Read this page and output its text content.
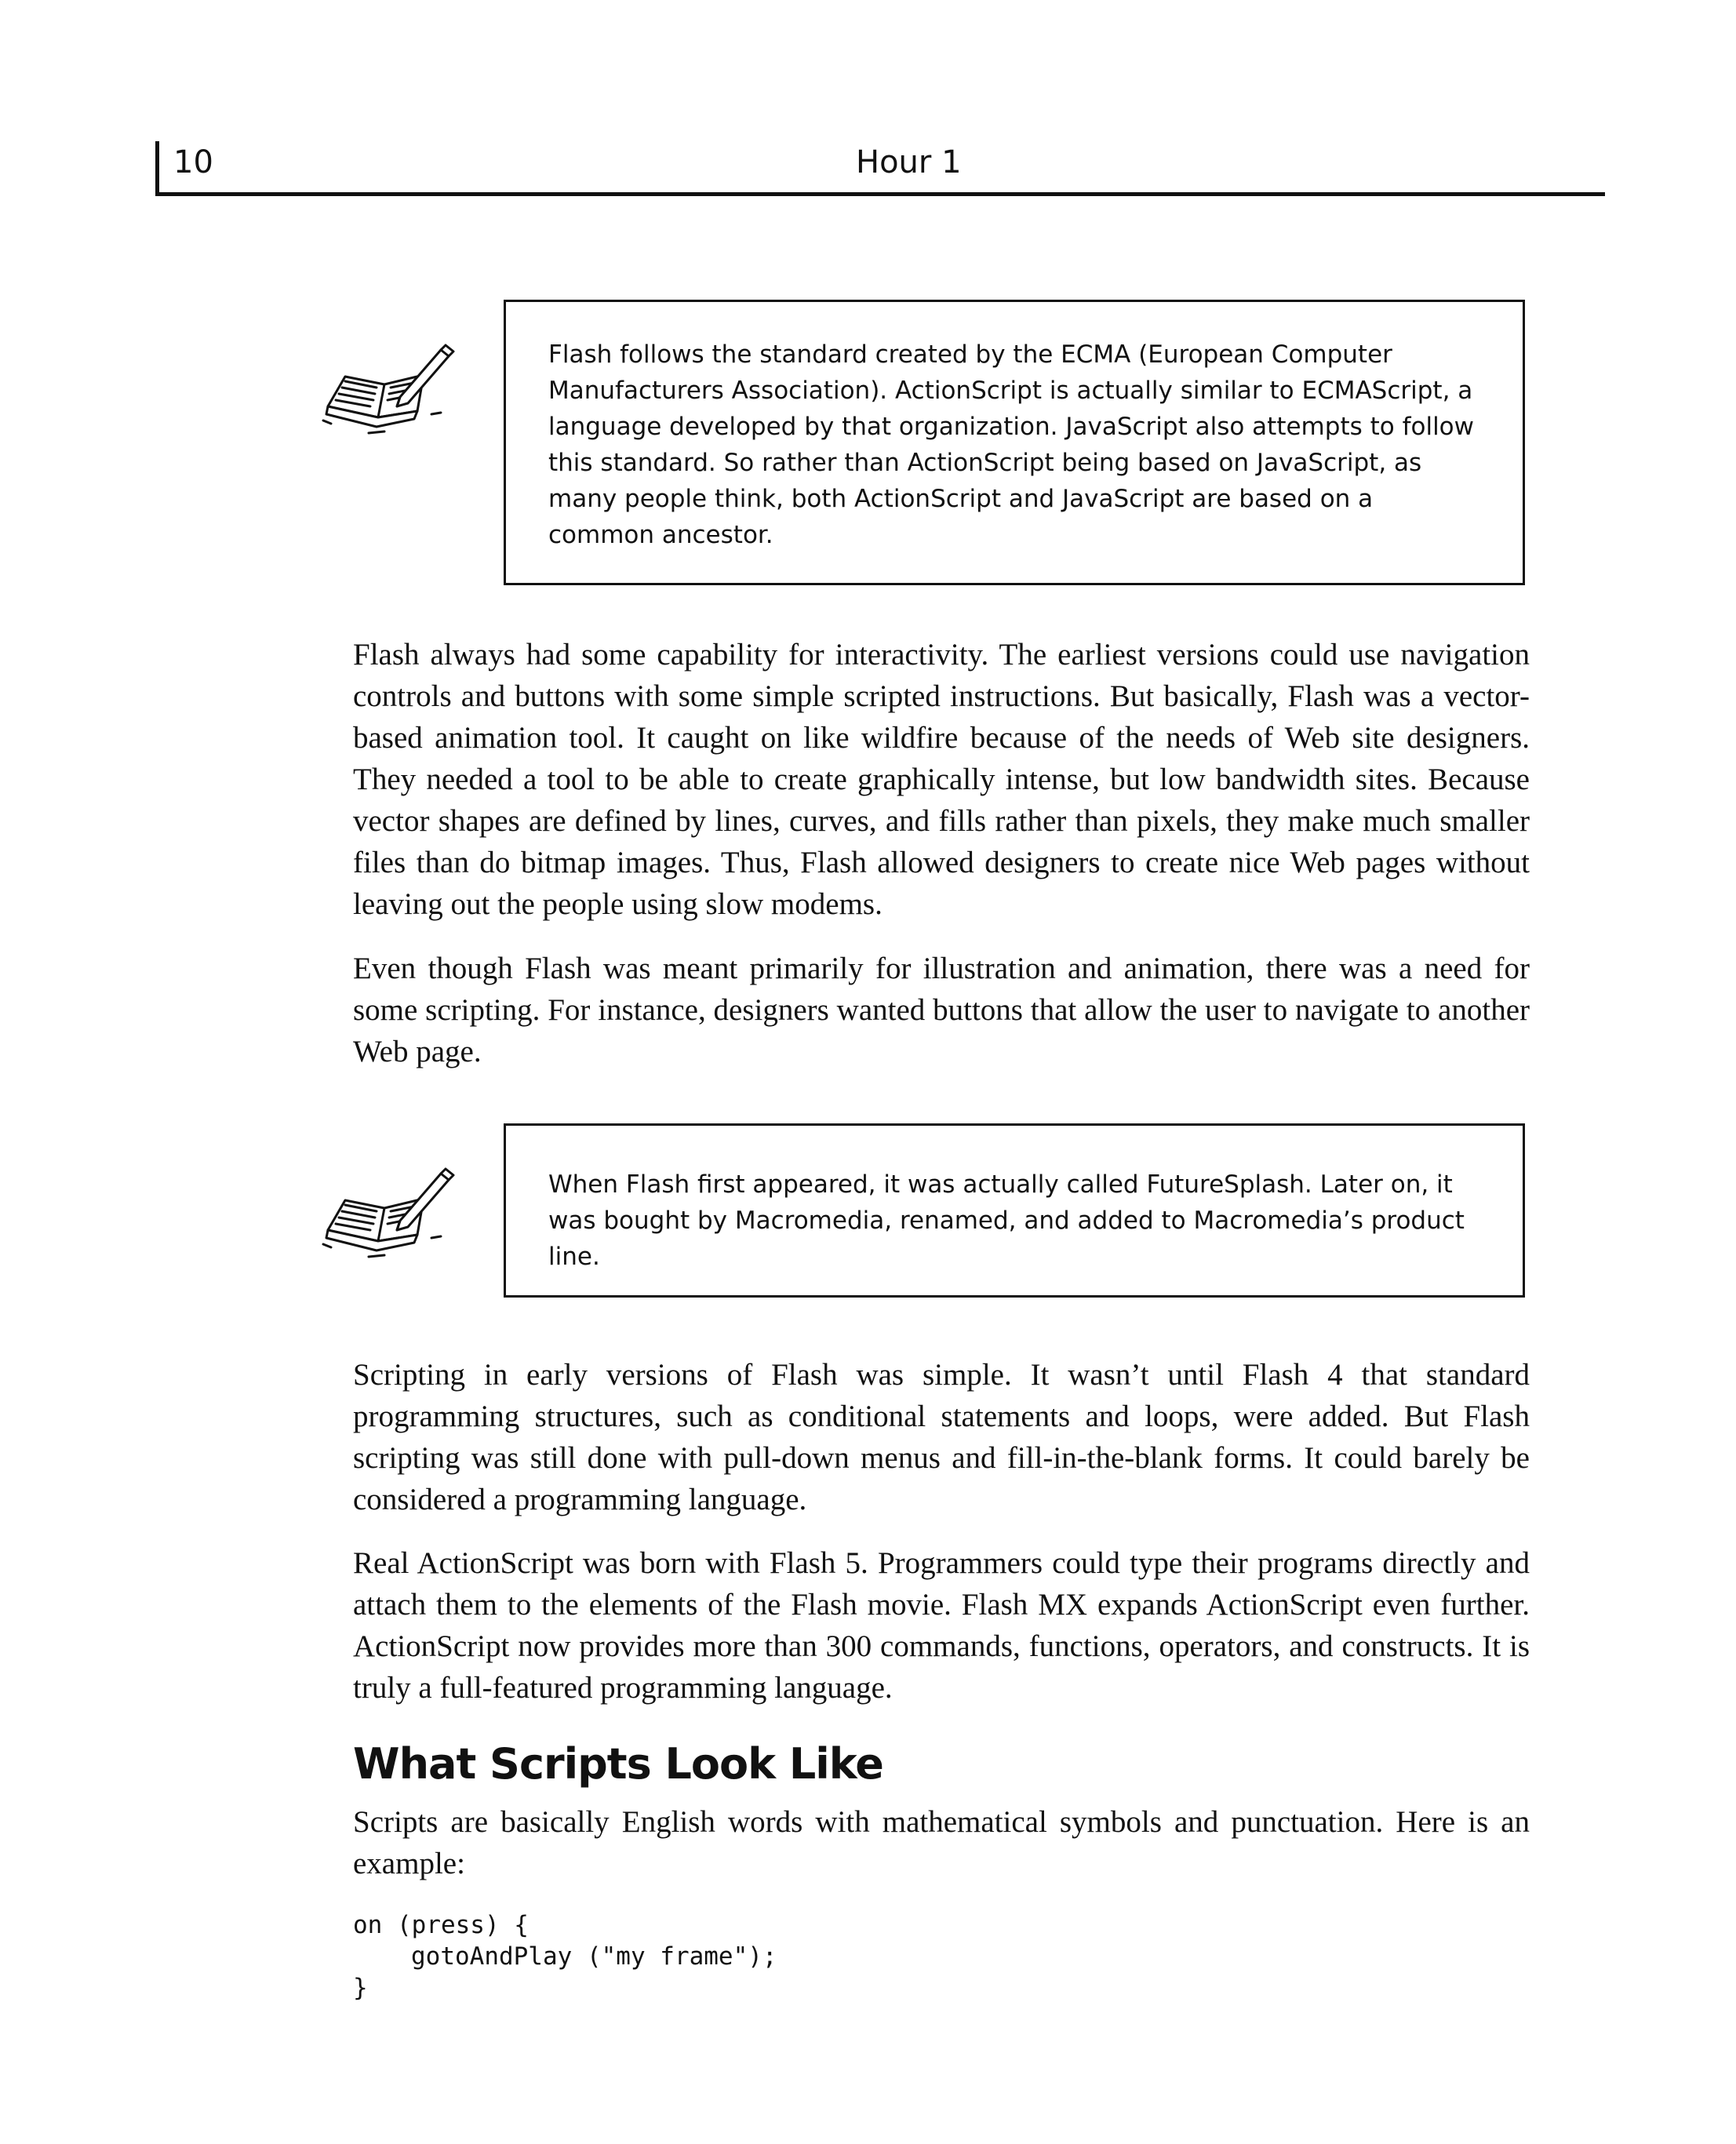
10	Hour 1

Flash follows the standard created by the ECMA (European Computer Manufacturers Association). ActionScript is actually similar to ECMAScript, a language developed by that organization. JavaScript also attempts to follow this standard. So rather than ActionScript being based on JavaScript, as many people think, both ActionScript and JavaScript are based on a common ancestor.

Flash always had some capability for interactivity. The earliest versions could use navigation controls and buttons with some simple scripted instructions. But basically, Flash was a vector-based animation tool. It caught on like wildfire because of the needs of Web site designers. They needed a tool to be able to create graphically intense, but low bandwidth sites. Because vector shapes are defined by lines, curves, and fills rather than pixels, they make much smaller files than do bitmap images. Thus, Flash allowed designers to create nice Web pages without leaving out the people using slow modems.

Even though Flash was meant primarily for illustration and animation, there was a need for some scripting. For instance, designers wanted buttons that allow the user to navigate to another Web page.

When Flash first appeared, it was actually called FutureSplash. Later on, it was bought by Macromedia, renamed, and added to Macromedia’s product line.

Scripting in early versions of Flash was simple. It wasn’t until Flash 4 that standard programming structures, such as conditional statements and loops, were added. But Flash scripting was still done with pull-down menus and fill-in-the-blank forms. It could barely be considered a programming language.

Real ActionScript was born with Flash 5. Programmers could type their programs directly and attach them to the elements of the Flash movie. Flash MX expands ActionScript even further. ActionScript now provides more than 300 commands, functions, operators, and constructs. It is truly a full-featured programming language.

What Scripts Look Like

Scripts are basically English words with mathematical symbols and punctuation. Here is an example:

on (press) {
gotoAndPlay ("my frame");
}
